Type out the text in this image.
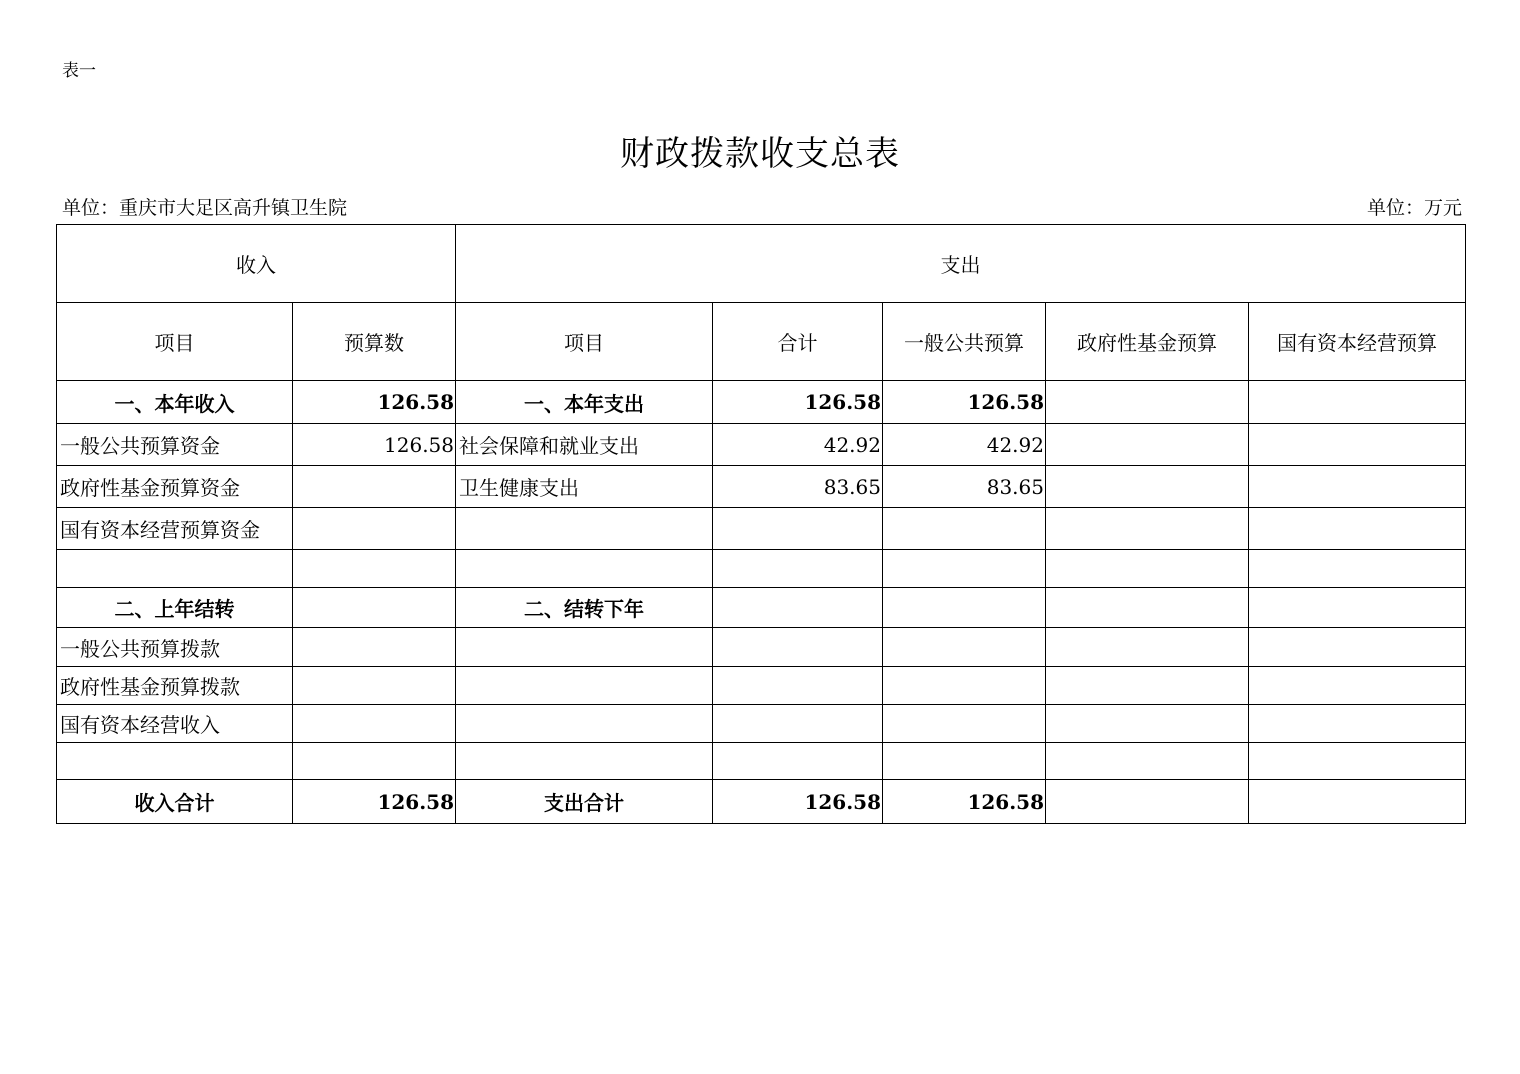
表一
财政拨款收支总表
单位：重庆市大足区高升镇卫生院	单位：万元
收入		支出				
项目	预算数	项目	合计	一般公共预算	政府性基金预算	国有资本经营预算
一、本年收入	126.58	一、本年支出	126.58	126.58		
一般公共预算资金	126.58	社会保障和就业支出	42.92	42.92		
政府性基金预算资金		卫生健康支出	83.65	83.65		
国有资本经营预算资金						

二、上年结转		二、结转下年				
一般公共预算拨款						
政府性基金预算拨款						
国有资本经营收入						

收入合计	126.58	支出合计	126.58	126.58		
